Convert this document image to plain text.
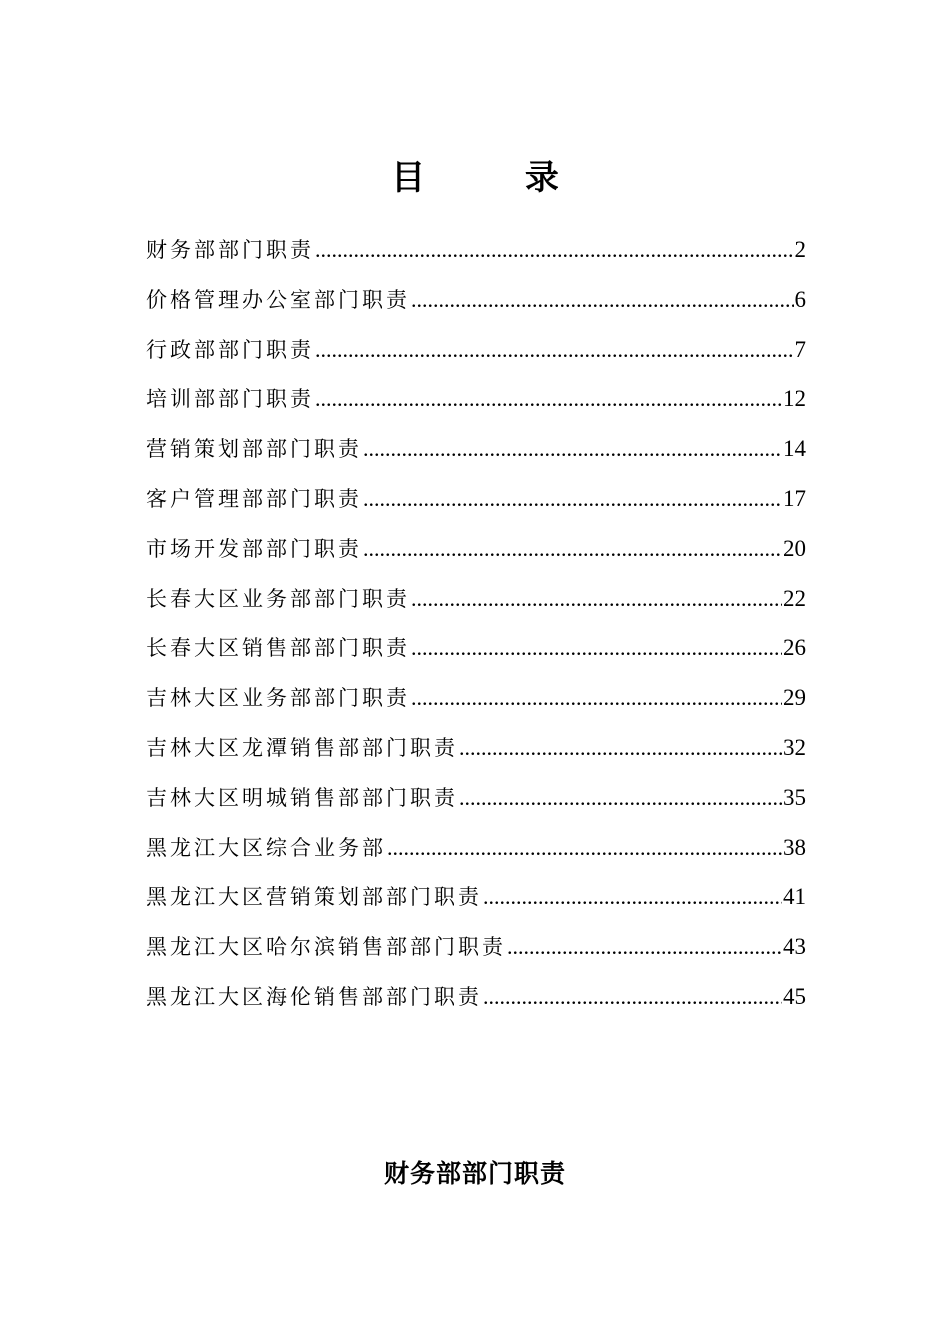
目 录
财务部部门职责 .....	2
价格管理办公室部门职责 .....	6
行政部部门职责 .....	7
培训部部门职责 .....	12
营销策划部部门职责 .....	14
客户管理部部门职责 .....	17
市场开发部部门职责 .....	20
长春大区业务部部门职责 .....	22
长春大区销售部部门职责 .....	26
吉林大区业务部部门职责 .....	29
吉林大区龙潭销售部部门职责 .....	32
吉林大区明城销售部部门职责 .....	35
黑龙江大区综合业务部 .....	38
黑龙江大区营销策划部部门职责 .....	41
黑龙江大区哈尔滨销售部部门职责 .....	43
黑龙江大区海伦销售部部门职责 .....	45
财务部部门职责
